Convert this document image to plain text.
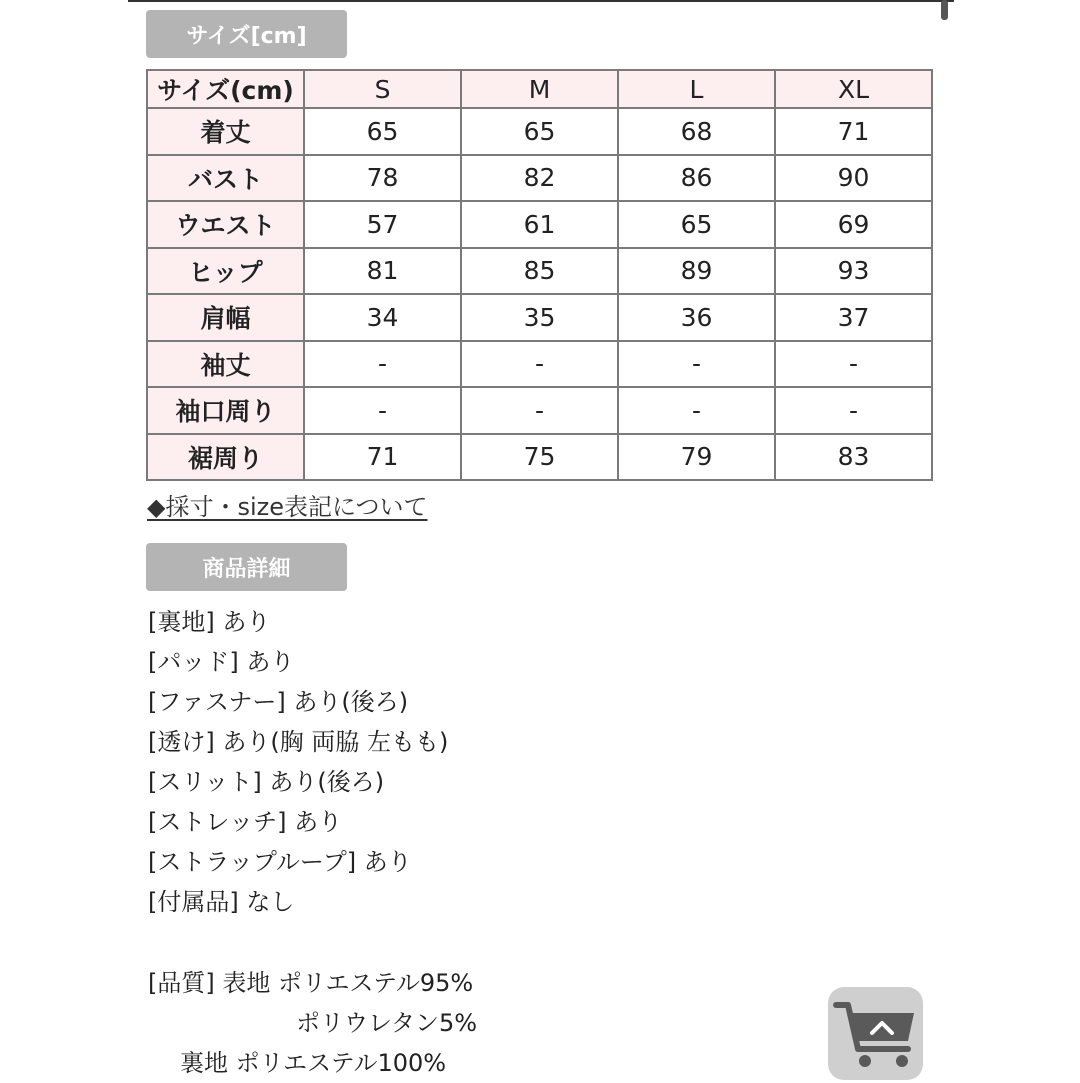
サイズ[cm]
サイズ(cm)	S	M	L	XL
着丈	65	65	68	71
バスト	78	82	86	90
ウエスト	57	61	65	69
ヒップ	81	85	89	93
肩幅	34	35	36	37
袖丈	-	-	-	-
袖口周り	-	-	-	-
裾周り	71	75	79	83
◆採寸・size表記について
商品詳細
[裏地] あり
[パッド] あり
[ファスナー] あり(後ろ)
[透け] あり(胸 両脇 左もも)
[スリット] あり(後ろ)
[ストレッチ] あり
[ストラップループ] あり
[付属品] なし
[品質] 表地 ポリエステル95%
ポリウレタン5%
裏地 ポリエステル100%
